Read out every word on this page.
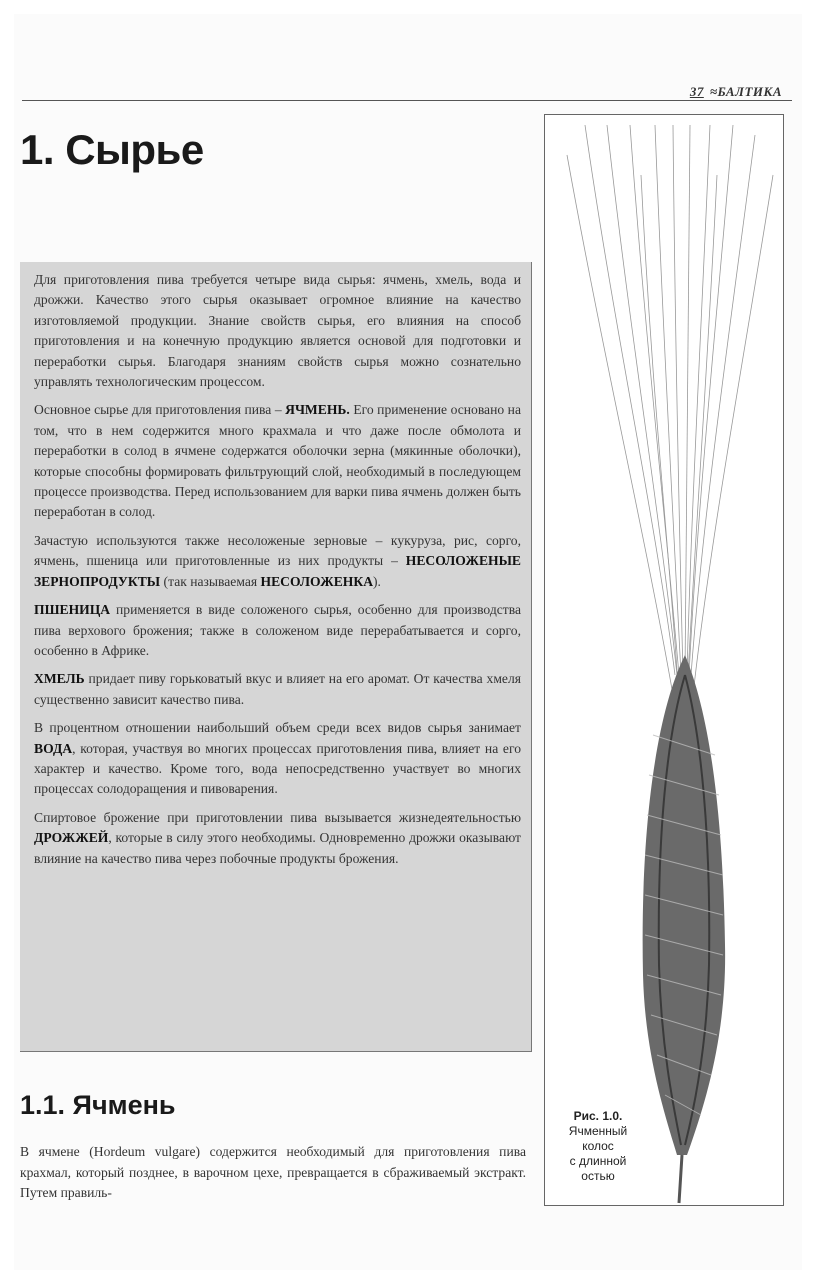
37 ≈БАЛТИКА
1. Сырье

Для приготовления пива требуется четыре вида сырья: ячмень, хмель, вода и дрожжи. Качество этого сырья оказывает огромное влияние на качество изготовляемой продукции. Знание свойств сырья, его влияния на способ приготовления и на конечную продукцию является основой для подготовки и переработки сырья. Благодаря знаниям свойств сырья можно сознательно управлять технологическим процессом.

Основное сырье для приготовления пива – ЯЧМЕНЬ. Его применение основано на том, что в нем содержится много крахмала и что даже после обмолота и переработки в солод в ячмене содержатся оболочки зерна (мякинные оболочки), которые способны формировать фильтрующий слой, необходимый в последующем процессе производства. Перед использованием для варки пива ячмень должен быть переработан в солод.

Зачастую используются также несоложеные зерновые – кукуруза, рис, сорго, ячмень, пшеница или приготовленные из них продукты – НЕСОЛОЖЕНЫЕ ЗЕРНОПРОДУКТЫ (так называемая НЕСОЛОЖЕНКА).

ПШЕНИЦА применяется в виде соложеного сырья, особенно для производства пива верхового брожения; также в соложеном виде перерабатывается и сорго, особенно в Африке.

ХМЕЛЬ придает пиву горьковатый вкус и влияет на его аромат. От качества хмеля существенно зависит качество пива.

В процентном отношении наибольший объем среди всех видов сырья занимает ВОДА, которая, участвуя во многих процессах приготовления пива, влияет на его характер и качество. Кроме того, вода непосредственно участвует во многих процессах солодоращения и пивоварения.

Спиртовое брожение при приготовлении пива вызывается жизнедеятельностью ДРОЖЖЕЙ, которые в силу этого необходимы. Одновременно дрожжи оказывают влияние на качество пива через побочные продукты брожения.

1.1. Ячмень

В ячмене (Hordeum vulgare) содержится необходимый для приготовления пива крахмал, который позднее, в варочном цехе, превращается в сбраживаемый экстракт. Путем правиль-

Рис. 1.0.
Ячменный
колос
с длинной
остью
